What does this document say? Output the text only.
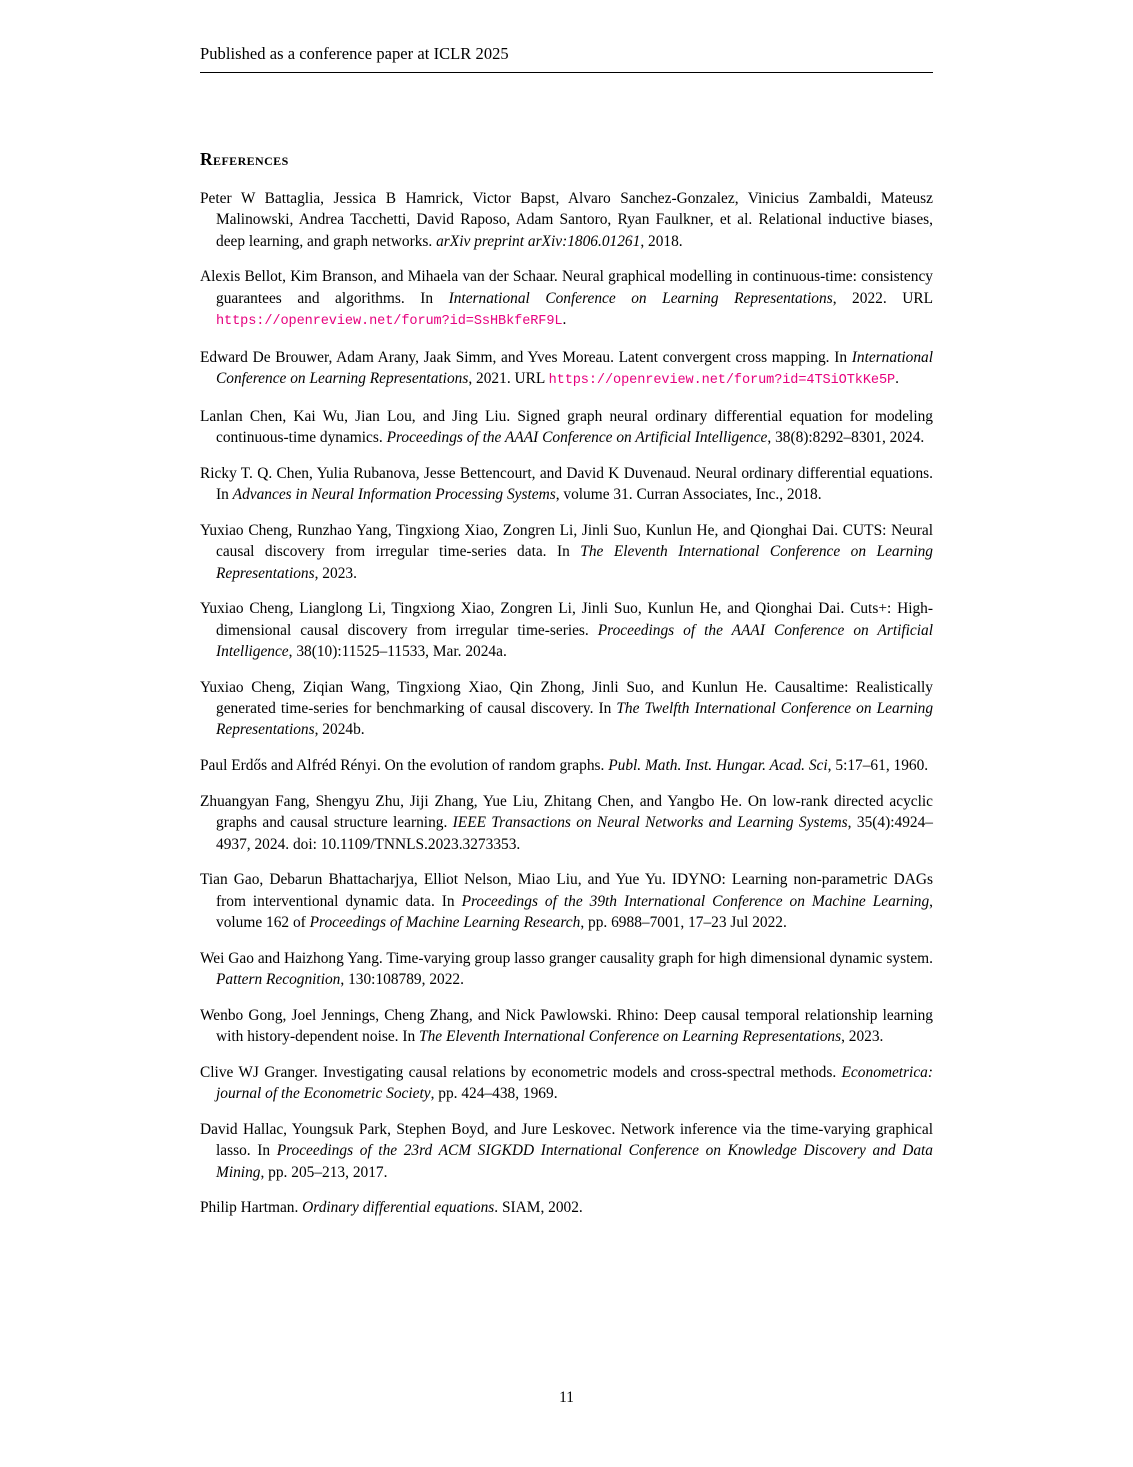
Published as a conference paper at ICLR 2025
References

Peter W Battaglia, Jessica B Hamrick, Victor Bapst, Alvaro Sanchez-Gonzalez, Vinicius Zambaldi, Mateusz Malinowski, Andrea Tacchetti, David Raposo, Adam Santoro, Ryan Faulkner, et al. Relational inductive biases, deep learning, and graph networks. arXiv preprint arXiv:1806.01261, 2018.

Alexis Bellot, Kim Branson, and Mihaela van der Schaar. Neural graphical modelling in continuous-time: consistency guarantees and algorithms. In International Conference on Learning Representations, 2022. URL https://openreview.net/forum?id=SsHBkfeRF9L.

Edward De Brouwer, Adam Arany, Jaak Simm, and Yves Moreau. Latent convergent cross mapping. In International Conference on Learning Representations, 2021. URL https://openreview.net/forum?id=4TSiOTkKe5P.

Lanlan Chen, Kai Wu, Jian Lou, and Jing Liu. Signed graph neural ordinary differential equation for modeling continuous-time dynamics. Proceedings of the AAAI Conference on Artificial Intelligence, 38(8):8292–8301, 2024.

Ricky T. Q. Chen, Yulia Rubanova, Jesse Bettencourt, and David K Duvenaud. Neural ordinary differential equations. In Advances in Neural Information Processing Systems, volume 31. Curran Associates, Inc., 2018.

Yuxiao Cheng, Runzhao Yang, Tingxiong Xiao, Zongren Li, Jinli Suo, Kunlun He, and Qionghai Dai. CUTS: Neural causal discovery from irregular time-series data. In The Eleventh International Conference on Learning Representations, 2023.

Yuxiao Cheng, Lianglong Li, Tingxiong Xiao, Zongren Li, Jinli Suo, Kunlun He, and Qionghai Dai. Cuts+: High-dimensional causal discovery from irregular time-series. Proceedings of the AAAI Conference on Artificial Intelligence, 38(10):11525–11533, Mar. 2024a.

Yuxiao Cheng, Ziqian Wang, Tingxiong Xiao, Qin Zhong, Jinli Suo, and Kunlun He. Causaltime: Realistically generated time-series for benchmarking of causal discovery. In The Twelfth International Conference on Learning Representations, 2024b.

Paul Erdős and Alfréd Rényi. On the evolution of random graphs. Publ. Math. Inst. Hungar. Acad. Sci, 5:17–61, 1960.

Zhuangyan Fang, Shengyu Zhu, Jiji Zhang, Yue Liu, Zhitang Chen, and Yangbo He. On low-rank directed acyclic graphs and causal structure learning. IEEE Transactions on Neural Networks and Learning Systems, 35(4):4924–4937, 2024. doi: 10.1109/TNNLS.2023.3273353.

Tian Gao, Debarun Bhattacharjya, Elliot Nelson, Miao Liu, and Yue Yu. IDYNO: Learning non-parametric DAGs from interventional dynamic data. In Proceedings of the 39th International Conference on Machine Learning, volume 162 of Proceedings of Machine Learning Research, pp. 6988–7001, 17–23 Jul 2022.

Wei Gao and Haizhong Yang. Time-varying group lasso granger causality graph for high dimensional dynamic system. Pattern Recognition, 130:108789, 2022.

Wenbo Gong, Joel Jennings, Cheng Zhang, and Nick Pawlowski. Rhino: Deep causal temporal relationship learning with history-dependent noise. In The Eleventh International Conference on Learning Representations, 2023.

Clive WJ Granger. Investigating causal relations by econometric models and cross-spectral methods. Econometrica: journal of the Econometric Society, pp. 424–438, 1969.

David Hallac, Youngsuk Park, Stephen Boyd, and Jure Leskovec. Network inference via the time-varying graphical lasso. In Proceedings of the 23rd ACM SIGKDD International Conference on Knowledge Discovery and Data Mining, pp. 205–213, 2017.

Philip Hartman. Ordinary differential equations. SIAM, 2002.

11
